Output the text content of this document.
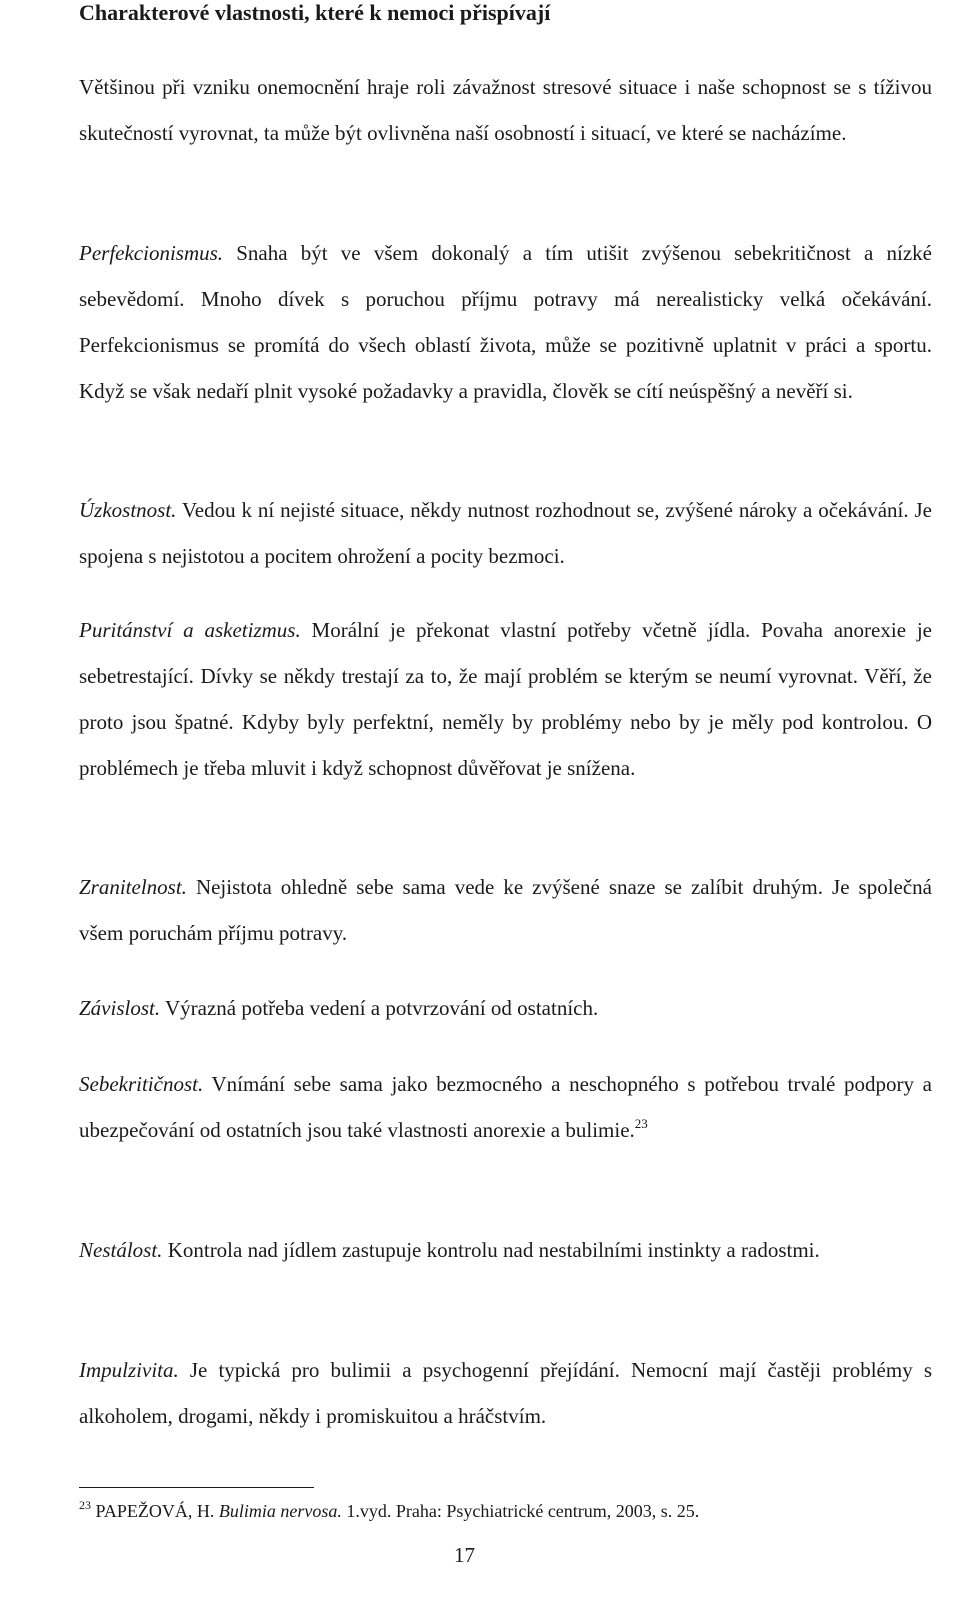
Charakterové vlastnosti, které k nemoci přispívají

Většinou při vzniku onemocnění hraje roli závažnost stresové situace i naše schopnost se s tíživou skutečností vyrovnat, ta může být ovlivněna naší osobností i situací, ve které se nacházíme.

Perfekcionismus. Snaha být ve všem dokonalý a tím utišit zvýšenou sebekritičnost a nízké sebevědomí. Mnoho dívek s poruchou příjmu potravy má nerealisticky velká očekávání. Perfekcionismus se promítá do všech oblastí života, může se pozitivně uplatnit v práci a sportu. Když se však nedaří plnit vysoké požadavky a pravidla, člověk se cítí neúspěšný a nevěří si.

Úzkostnost. Vedou k ní nejisté situace, někdy nutnost rozhodnout se, zvýšené nároky a očekávání. Je spojena s nejistotou a pocitem ohrožení a pocity bezmoci.

Puritánství a asketizmus. Morální je překonat vlastní potřeby včetně jídla. Povaha anorexie je sebetrestající. Dívky se někdy trestají za to, že mají problém se kterým se neumí vyrovnat. Věří, že proto jsou špatné. Kdyby byly perfektní, neměly by problémy nebo by je měly pod kontrolou. O problémech je třeba mluvit i když schopnost důvěřovat je snížena.

Zranitelnost. Nejistota ohledně sebe sama vede ke zvýšené snaze se zalíbit druhým. Je společná všem poruchám příjmu potravy.

Závislost. Výrazná potřeba vedení a potvrzování od ostatních.

Sebekritičnost. Vnímání sebe sama jako bezmocného a neschopného s potřebou trvalé podpory a ubezpečování od ostatních jsou také vlastnosti anorexie a bulimie.$^{23}$

Nestálost. Kontrola nad jídlem zastupuje kontrolu nad nestabilními instinkty a radostmi.

Impulzivita. Je typická pro bulimii a psychogenní přejídání. Nemocní mají častěji problémy s alkoholem, drogami, někdy i promiskuitou a hráčstvím.

$^{23}$ PAPEŽOVÁ, H. Bulimia nervosa. 1.vyd. Praha: Psychiatrické centrum, 2003, s. 25.

17
